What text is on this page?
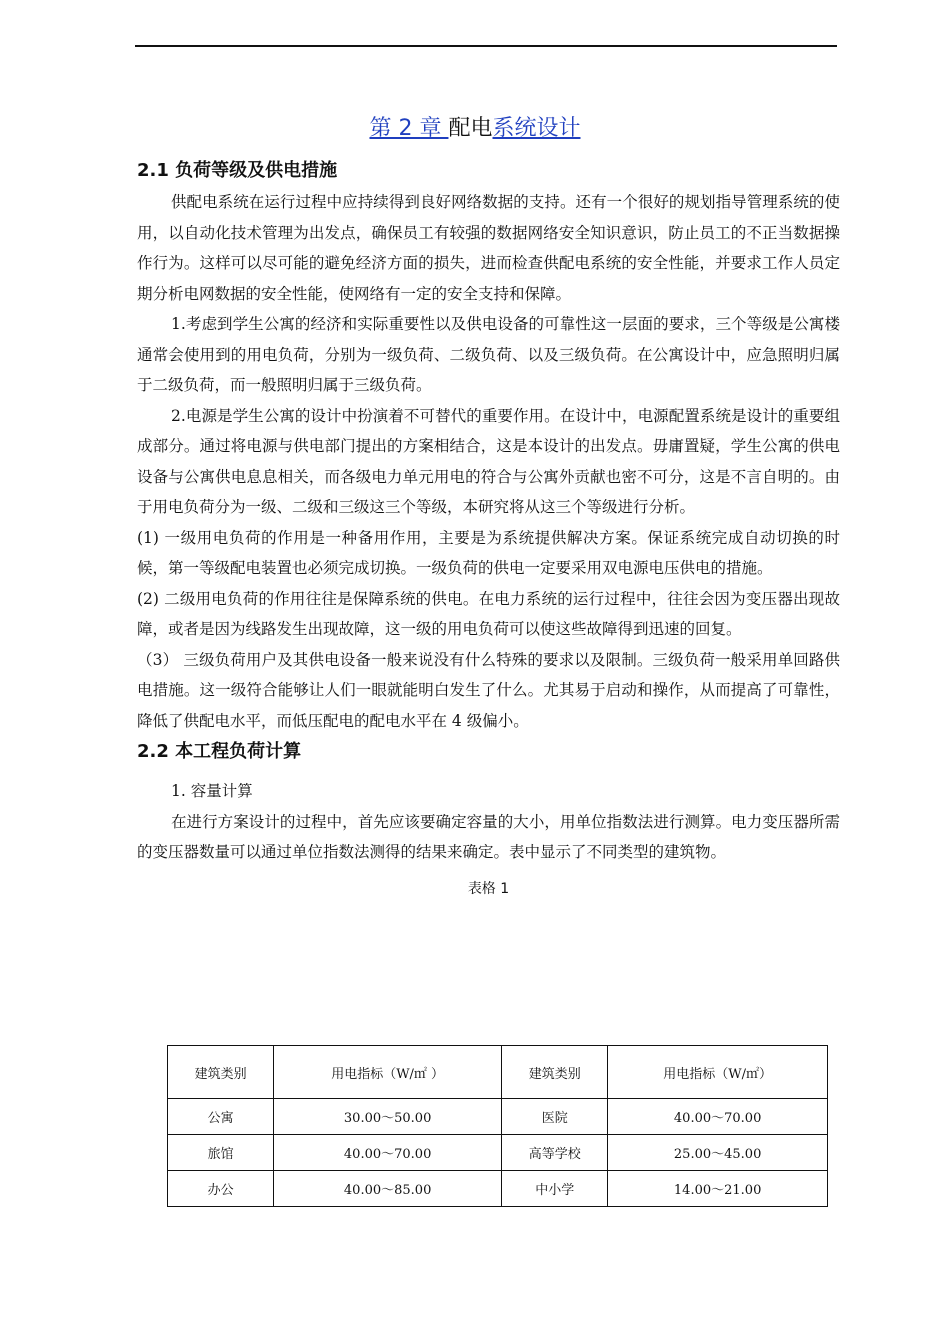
第 2 章 配电系统设计
2.1 负荷等级及供电措施

供配电系统在运行过程中应持续得到良好网络数据的支持。还有一个很好的规划指导管理系统的使用，以自动化技术管理为出发点，确保员工有较强的数据网络安全知识意识，防止员工的不正当数据操作行为。这样可以尽可能的避免经济方面的损失，进而检查供配电系统的安全性能，并要求工作人员定期分析电网数据的安全性能，使网络有一定的安全支持和保障。

1.考虑到学生公寓的经济和实际重要性以及供电设备的可靠性这一层面的要求，三个等级是公寓楼通常会使用到的用电负荷，分别为一级负荷、二级负荷、以及三级负荷。在公寓设计中，应急照明归属于二级负荷，而一般照明归属于三级负荷。

2.电源是学生公寓的设计中扮演着不可替代的重要作用。在设计中，电源配置系统是设计的重要组成部分。通过将电源与供电部门提出的方案相结合，这是本设计的出发点。毋庸置疑，学生公寓的供电设备与公寓供电息息相关，而各级电力单元用电的符合与公寓外贡献也密不可分，这是不言自明的。由于用电负荷分为一级、二级和三级这三个等级，本研究将从这三个等级进行分析。

(1) 一级用电负荷的作用是一种备用作用，主要是为系统提供解决方案。保证系统完成自动切换的时候，第一等级配电装置也必须完成切换。一级负荷的供电一定要采用双电源电压供电的措施。

(2) 二级用电负荷的作用往往是保障系统的供电。在电力系统的运行过程中，往往会因为变压器出现故障，或者是因为线路发生出现故障，这一级的用电负荷可以使这些故障得到迅速的回复。

（3） 三级负荷用户及其供电设备一般来说没有什么特殊的要求以及限制。三级负荷一般采用单回路供电措施。这一级符合能够让人们一眼就能明白发生了什么。尤其易于启动和操作，从而提高了可靠性，降低了供配电水平，而低压配电的配电水平在 4 级偏小。

2.2 本工程负荷计算

1. 容量计算

在进行方案设计的过程中，首先应该要确定容量的大小，用单位指数法进行测算。电力变压器所需的变压器数量可以通过单位指数法测得的结果来确定。表中显示了不同类型的建筑物。

表格 1
建筑类别	用电指标（W/㎡ ）	建筑类别	用电指标（W/㎡）
公寓	30.00～50.00	医院	40.00～70.00
旅馆	40.00～70.00	高等学校	25.00～45.00
办公	40.00～85.00	中小学	14.00～21.00
